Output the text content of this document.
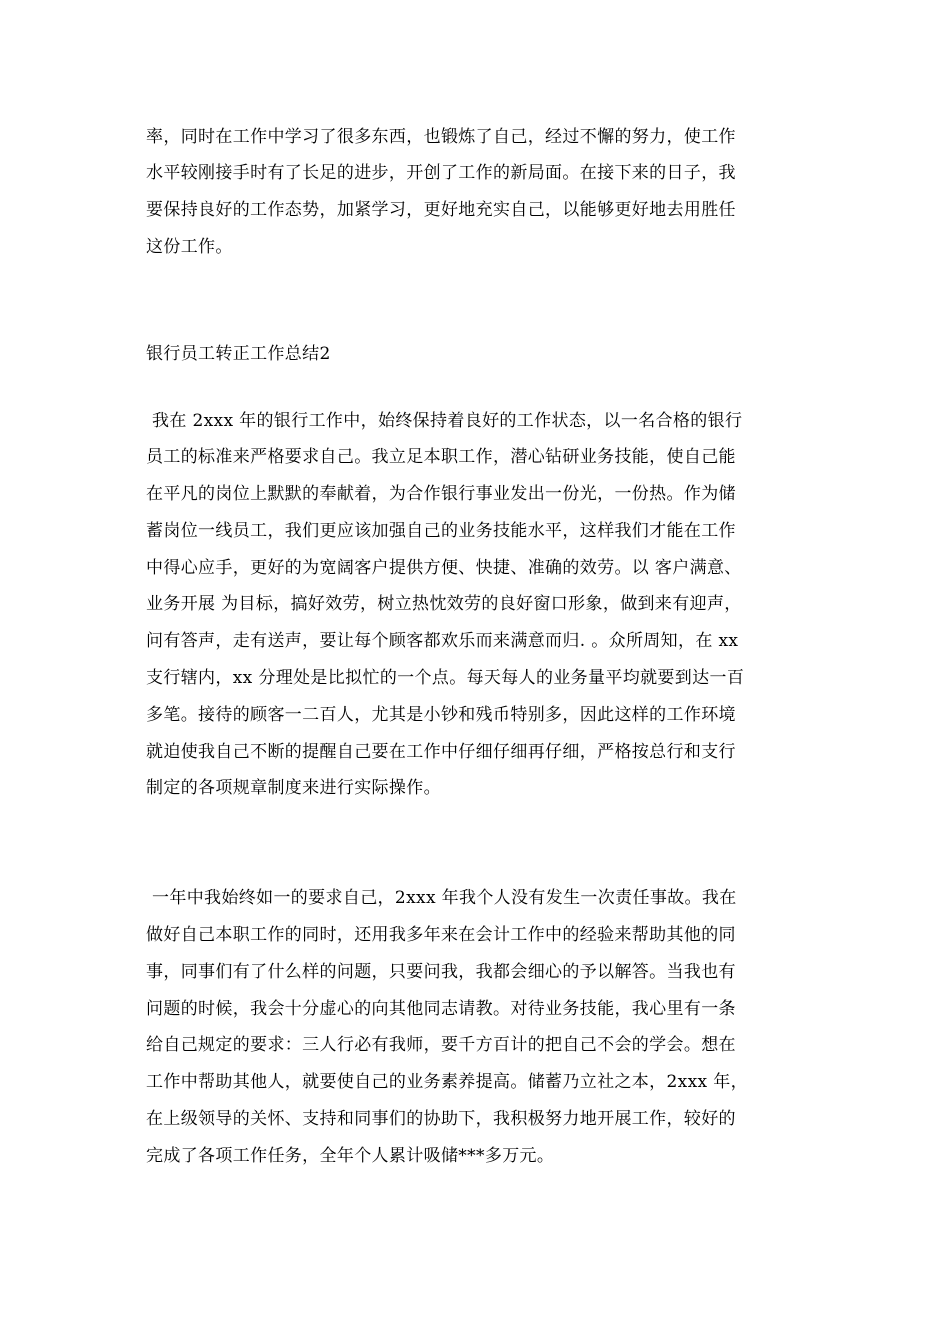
率，同时在工作中学习了很多东西，也锻炼了自己，经过不懈的努力，使工作
水平较刚接手时有了长足的进步，开创了工作的新局面。在接下来的日子，我
要保持良好的工作态势，加紧学习，更好地充实自己，以能够更好地去用胜任
这份工作。
银行员工转正工作总结2
我在 2xxx 年的银行工作中，始终保持着良好的工作状态，以一名合格的银行
员工的标准来严格要求自己。我立足本职工作，潜心钻研业务技能，使自己能
在平凡的岗位上默默的奉献着，为合作银行事业发出一份光，一份热。作为储
蓄岗位一线员工，我们更应该加强自己的业务技能水平，这样我们才能在工作
中得心应手，更好的为宽阔客户提供方便、快捷、准确的效劳。以 客户满意、
业务开展 为目标，搞好效劳，树立热忱效劳的良好窗口形象，做到来有迎声，
问有答声，走有送声，要让每个顾客都欢乐而来满意而归. 。众所周知，在 xx
支行辖内，xx 分理处是比拟忙的一个点。每天每人的业务量平均就要到达一百
多笔。接待的顾客一二百人，尤其是小钞和残币特别多，因此这样的工作环境
就迫使我自己不断的提醒自己要在工作中仔细仔细再仔细，严格按总行和支行
制定的各项规章制度来进行实际操作。
一年中我始终如一的要求自己，2xxx 年我个人没有发生一次责任事故。我在
做好自己本职工作的同时，还用我多年来在会计工作中的经验来帮助其他的同
事，同事们有了什么样的问题，只要问我，我都会细心的予以解答。当我也有
问题的时候，我会十分虚心的向其他同志请教。对待业务技能，我心里有一条
给自己规定的要求：三人行必有我师，要千方百计的把自己不会的学会。想在
工作中帮助其他人，就要使自己的业务素养提高。储蓄乃立社之本，2xxx 年，
在上级领导的关怀、支持和同事们的协助下，我积极努力地开展工作，较好的
完成了各项工作任务，全年个人累计吸储***多万元。
